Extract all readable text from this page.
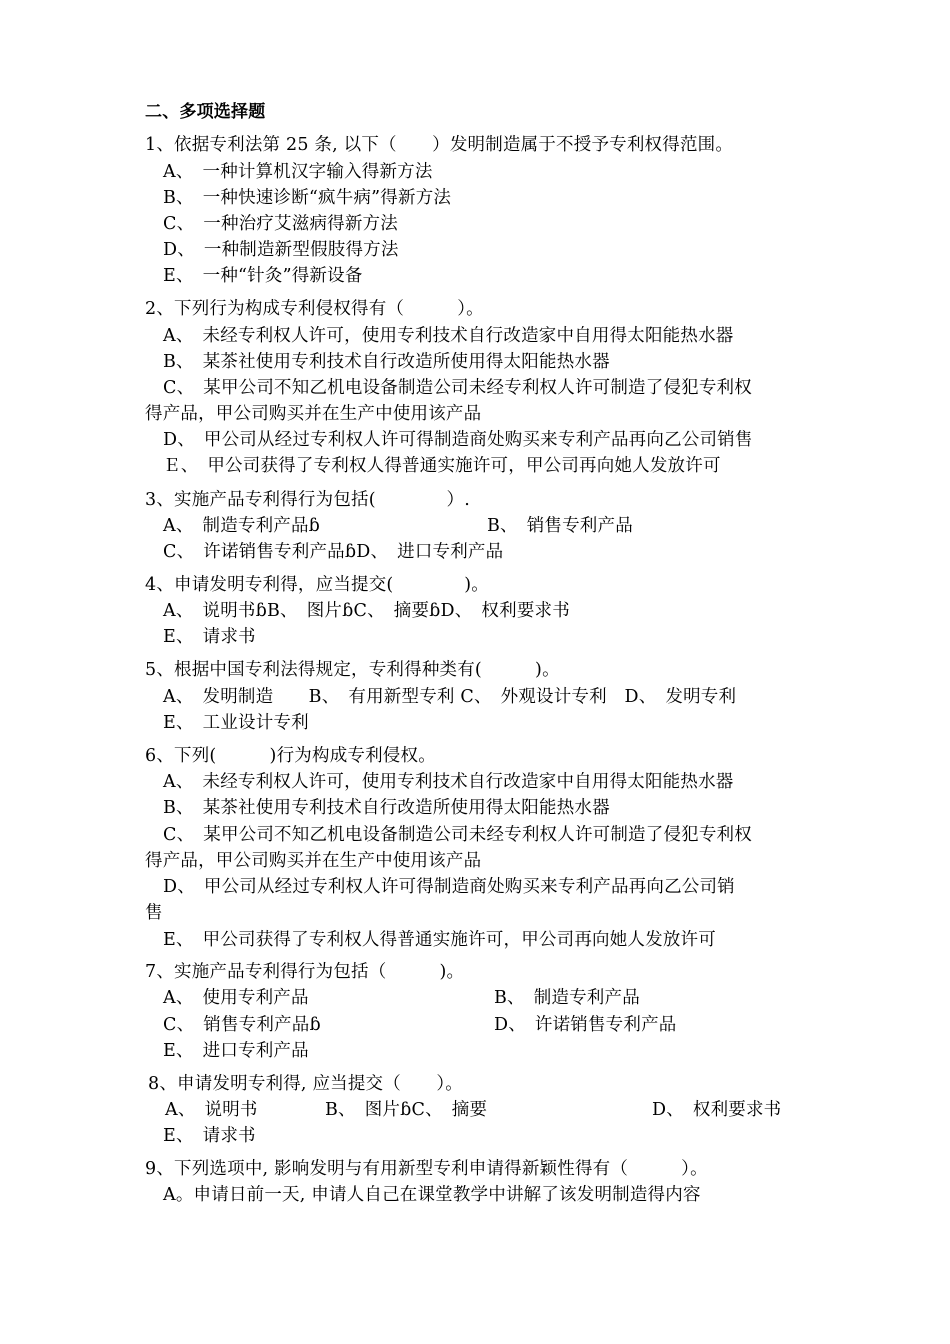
二、多项选择题
1、依据专利法第 25 条, 以下（　　）发明制造属于不授予专利权得范围。
A、　一种计算机汉字输入得新方法
B、　一种快速诊断“疯牛病”得新方法
C、　一种治疗艾滋病得新方法
D、　一种制造新型假肢得方法
E、　一种“针灸”得新设备
2、下列行为构成专利侵权得有（　　　）。
A、　未经专利权人许可，使用专利技术自行改造家中自用得太阳能热水器
B、　某茶社使用专利技术自行改造所使用得太阳能热水器
C、　某甲公司不知乙机电设备制造公司未经专利权人许可制造了侵犯专利权
得产品，甲公司购买并在生产中使用该产品
D、　甲公司从经过专利权人许可得制造商处购买来专利产品再向乙公司销售
Ｅ、　甲公司获得了专利权人得普通实施许可，甲公司再向她人发放许可
3、实施产品专利得行为包括(　　　　）.
A、　制造专利产品ɓ	B、　销售专利产品
C、　许诺销售专利产品ɓD、　进口专利产品
4、申请发明专利得，应当提交(　　　　)。
A、　说明书ɓB、　图片ɓC、　摘要ɓD、　权利要求书
E、　请求书
5、根据中国专利法得规定，专利得种类有(　　　)。
A、　发明制造　　B、　有用新型专利 C、　外观设计专利　D、　发明专利
E、　工业设计专利
6、下列(　　　)行为构成专利侵权。
A、　未经专利权人许可，使用专利技术自行改造家中自用得太阳能热水器
B、　某茶社使用专利技术自行改造所使用得太阳能热水器
C、　某甲公司不知乙机电设备制造公司未经专利权人许可制造了侵犯专利权
得产品，甲公司购买并在生产中使用该产品
D、　甲公司从经过专利权人许可得制造商处购买来专利产品再向乙公司销
售
E、　甲公司获得了专利权人得普通实施许可，甲公司再向她人发放许可
7、实施产品专利得行为包括（　　　)。
A、　使用专利产品	B、　制造专利产品
C、　销售专利产品ɓ	D、　许诺销售专利产品
E、　进口专利产品
8、申请发明专利得, 应当提交（　　）。
A、　说明书	B、　图片ɓC、　摘要	D、　权利要求书
E、　请求书
9、下列选项中, 影响发明与有用新型专利申请得新颖性得有（　　　）。
A。申请日前一天, 申请人自己在课堂教学中讲解了该发明制造得内容
